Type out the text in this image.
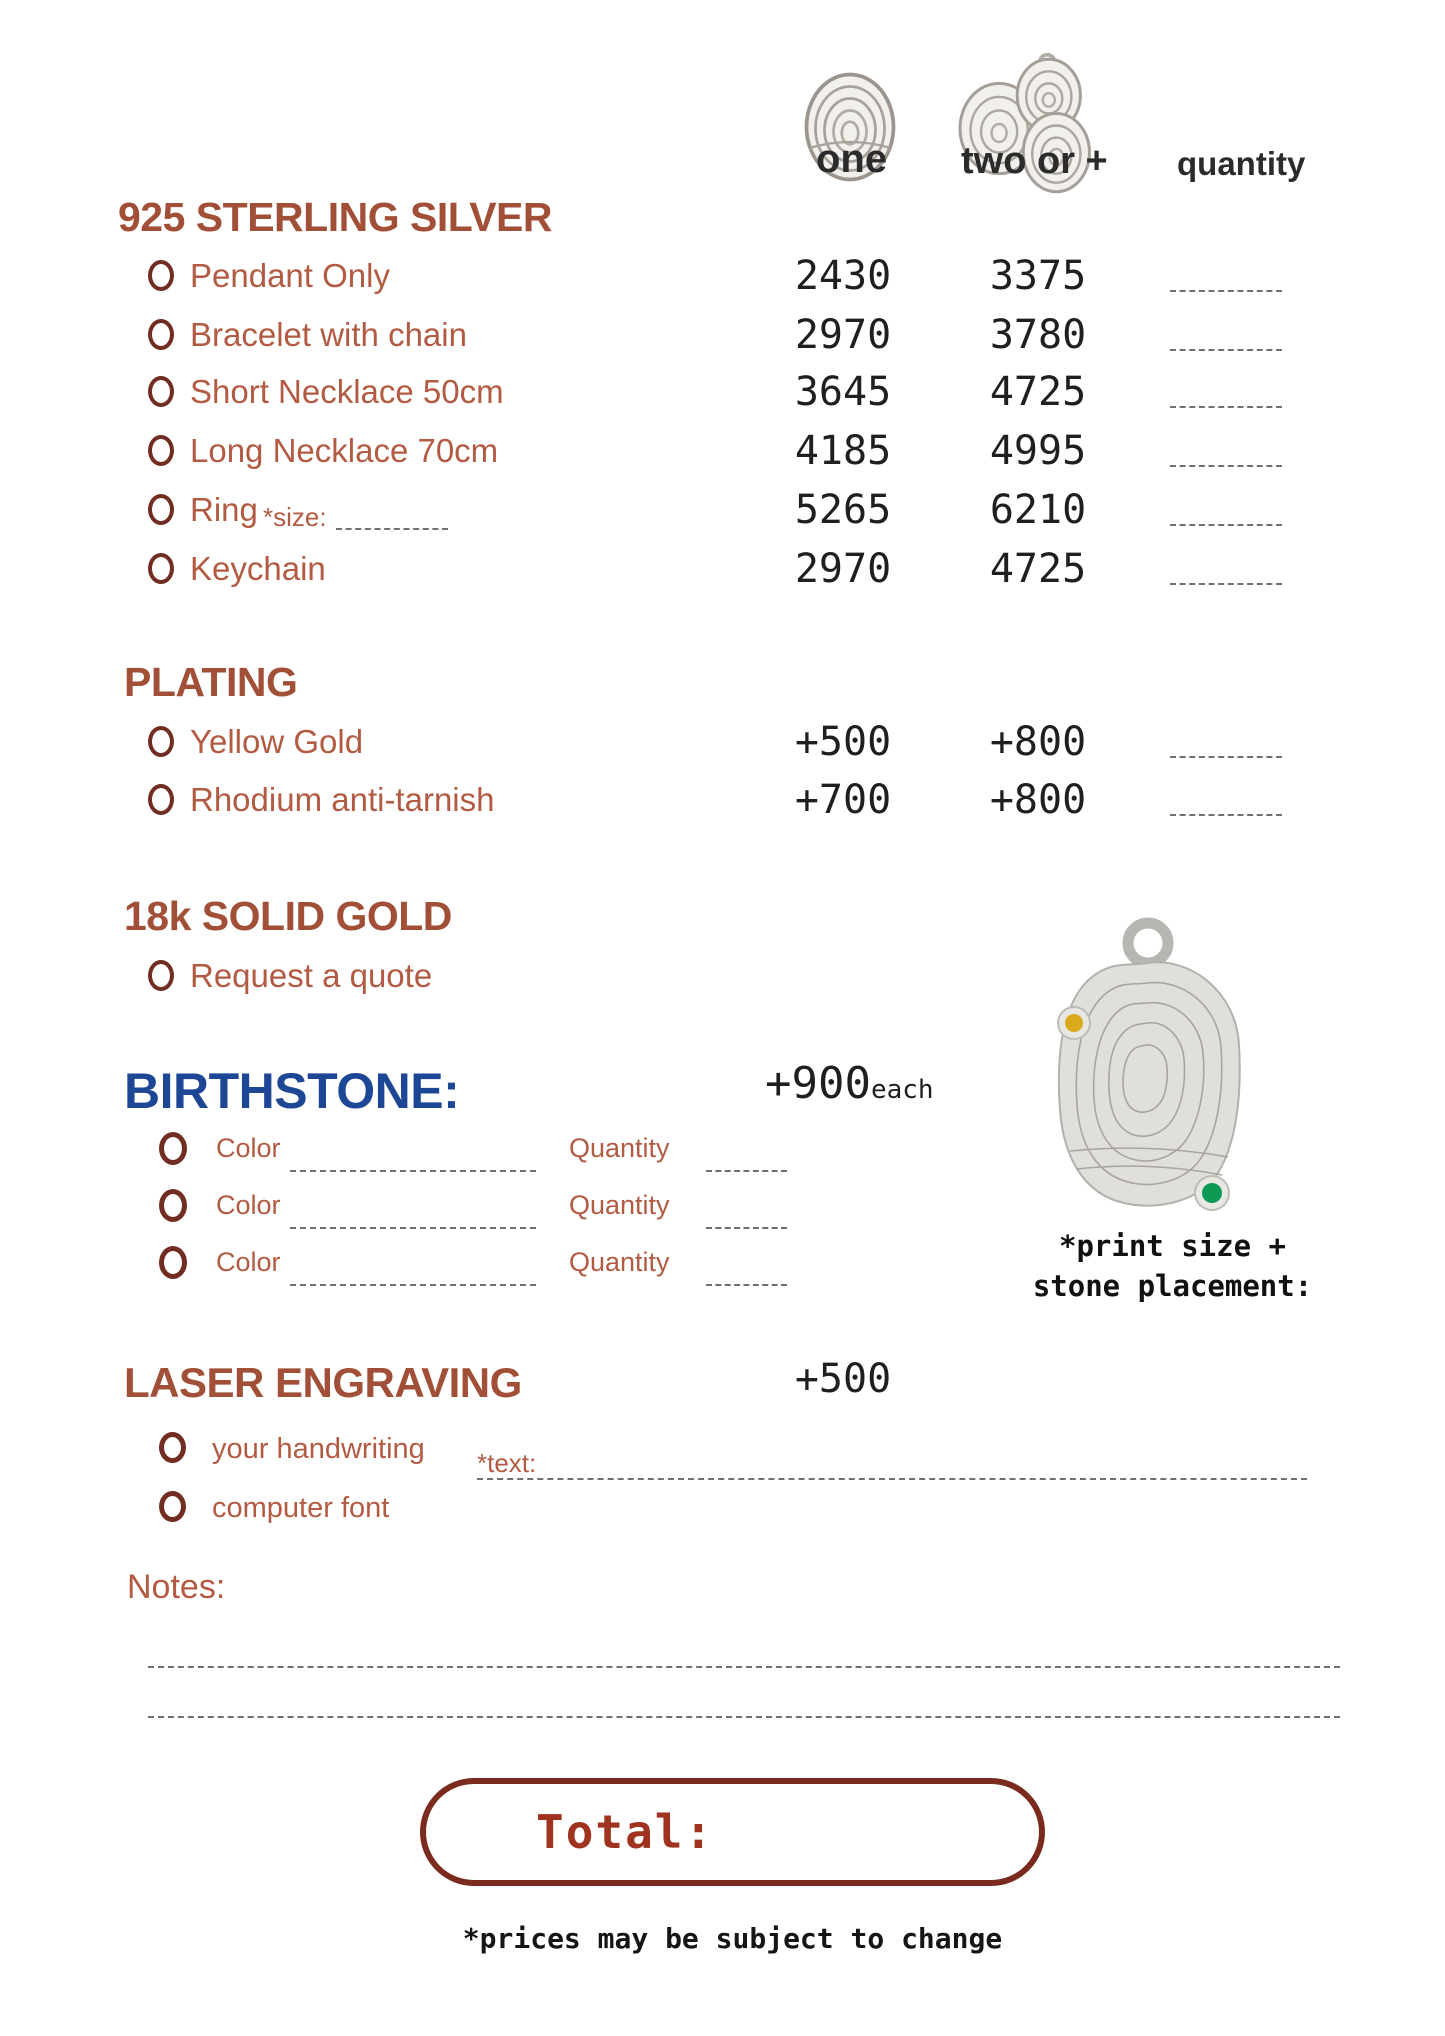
one two or + quantity
925 STERLING SILVER
Pendant Only	2430	3375
Bracelet with chain	2970	3780
Short Necklace 50cm	3645	4725
Long Necklace 70cm	4185	4995
Ring *size:	5265	6210
Keychain	2970	4725
PLATING
Yellow Gold	+500	+800
Rhodium anti-tarnish	+700	+800
18k SOLID GOLD
Request a quote
BIRTHSTONE:	+900each
Color	Quantity
Color	Quantity
Color	Quantity	*print size +
stone placement:
LASER ENGRAVING	+500
your handwriting
computer font
*text:
Notes:
Total:
*prices may be subject to change
